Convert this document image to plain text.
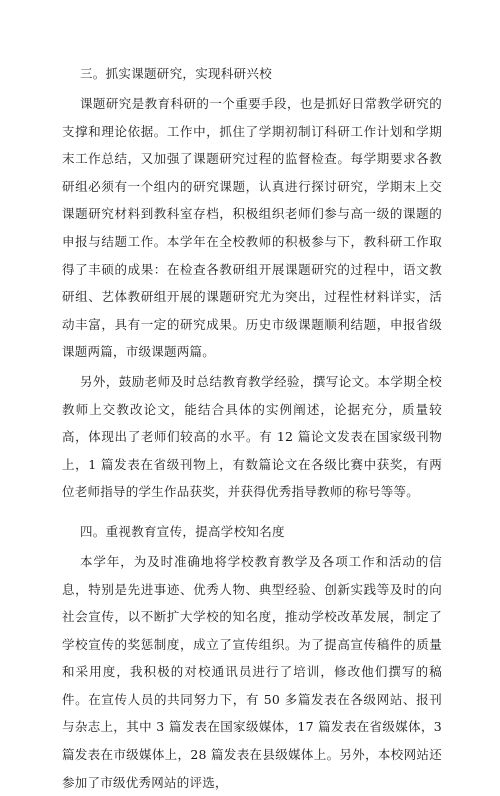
三。抓实课题研究，实现科研兴校

课题研究是教育科研的一个重要手段，也是抓好日常教学研究的支撑和理论依据。工作中，抓住了学期初制订科研工作计划和学期末工作总结，又加强了课题研究过程的监督检查。每学期要求各教研组必须有一个组内的研究课题，认真进行探讨研究，学期末上交课题研究材料到教科室存档，积极组织老师们参与高一级的课题的申报与结题工作。本学年在全校教师的积极参与下，教科研工作取得了丰硕的成果：在检查各教研组开展课题研究的过程中，语文教研组、艺体教研组开展的课题研究尤为突出，过程性材料详实，活动丰富，具有一定的研究成果。历史市级课题顺利结题，申报省级课题两篇，市级课题两篇。

另外，鼓励老师及时总结教育教学经验，撰写论文。本学期全校教师上交教改论文，能结合具体的实例阐述，论据充分，质量较高，体现出了老师们较高的水平。有 12 篇论文发表在国家级刊物上，1 篇发表在省级刊物上，有数篇论文在各级比赛中获奖，有两位老师指导的学生作品获奖，并获得优秀指导教师的称号等等。

四。重视教育宣传，提高学校知名度

本学年，为及时准确地将学校教育教学及各项工作和活动的信息，特别是先进事迹、优秀人物、典型经验、创新实践等及时的向社会宣传，以不断扩大学校的知名度，推动学校改革发展，制定了学校宣传的奖惩制度，成立了宣传组织。为了提高宣传稿件的质量和采用度，我积极的对校通讯员进行了培训，修改他们撰写的稿件。在宣传人员的共同努力下，有 50 多篇发表在各级网站、报刊与杂志上，其中 3 篇发表在国家级媒体，17 篇发表在省级媒体，3 篇发表在市级媒体上，28 篇发表在县级媒体上。另外，本校网站还参加了市级优秀网站的评选，
